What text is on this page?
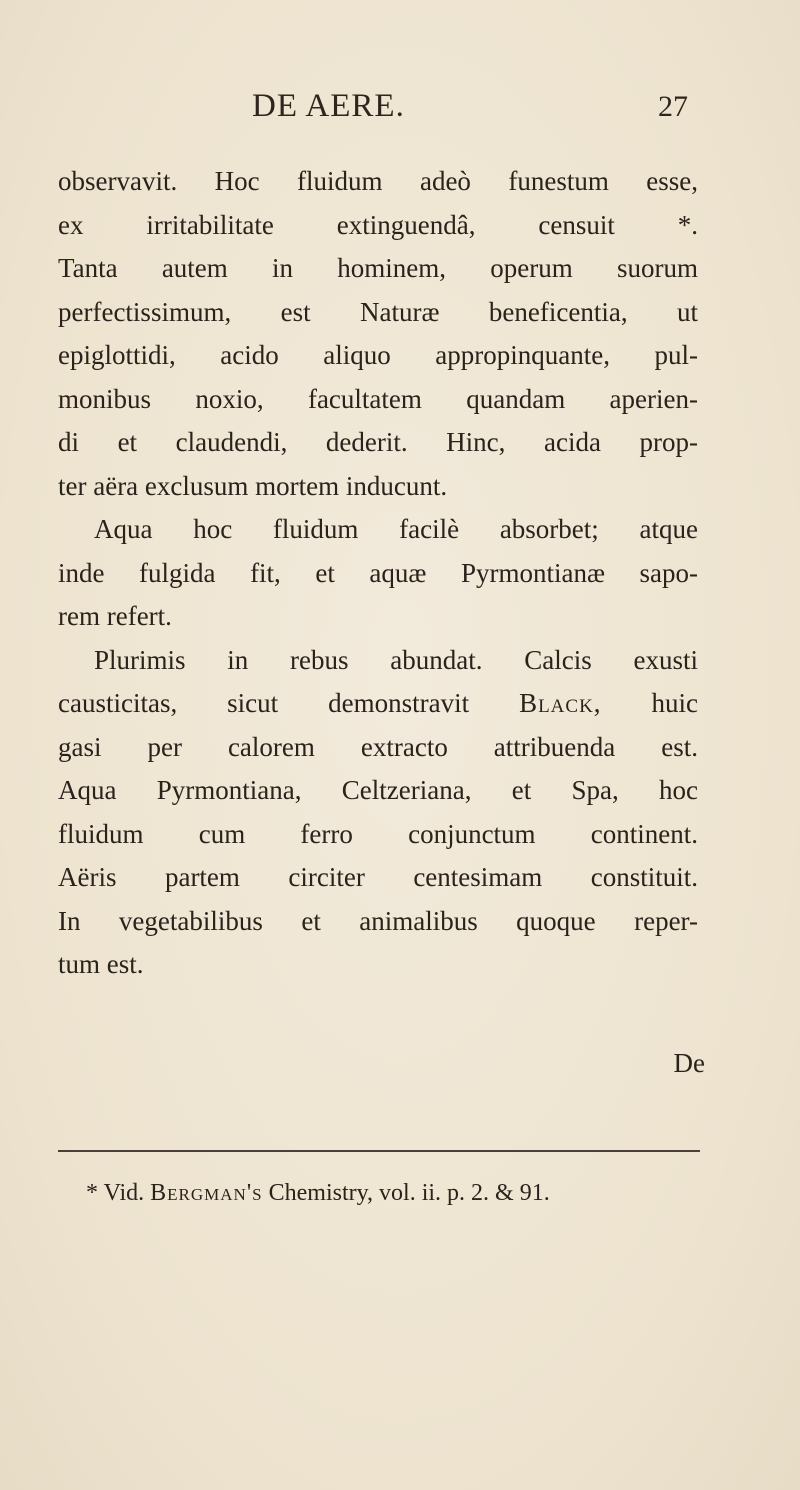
DE AERE.	27
observavit. Hoc fluidum adeò funestum esse,
ex irritabilitate extinguendâ, censuit *.
Tanta autem in hominem, operum suorum
perfectissimum, est Naturæ beneficentia, ut
epiglottidi, acido aliquo appropinquante, pul-
monibus noxio, facultatem quandam aperien-
di et claudendi, dederit. Hinc, acida prop-
ter aëra exclusum mortem inducunt.
Aqua hoc fluidum facilè absorbet; atque
inde fulgida fit, et aquæ Pyrmontianæ sapo-
rem refert.
Plurimis in rebus abundat. Calcis exusti
causticitas, sicut demonstravit Black, huic
gasi per calorem extracto attribuenda est.
Aqua Pyrmontiana, Celtzeriana, et Spa, hoc
fluidum cum ferro conjunctum continent.
Aëris partem circiter centesimam constituit.
In vegetabilibus et animalibus quoque reper-
tum est.
De
* Vid. Bergman's Chemistry, vol. ii. p. 2. & 91.
